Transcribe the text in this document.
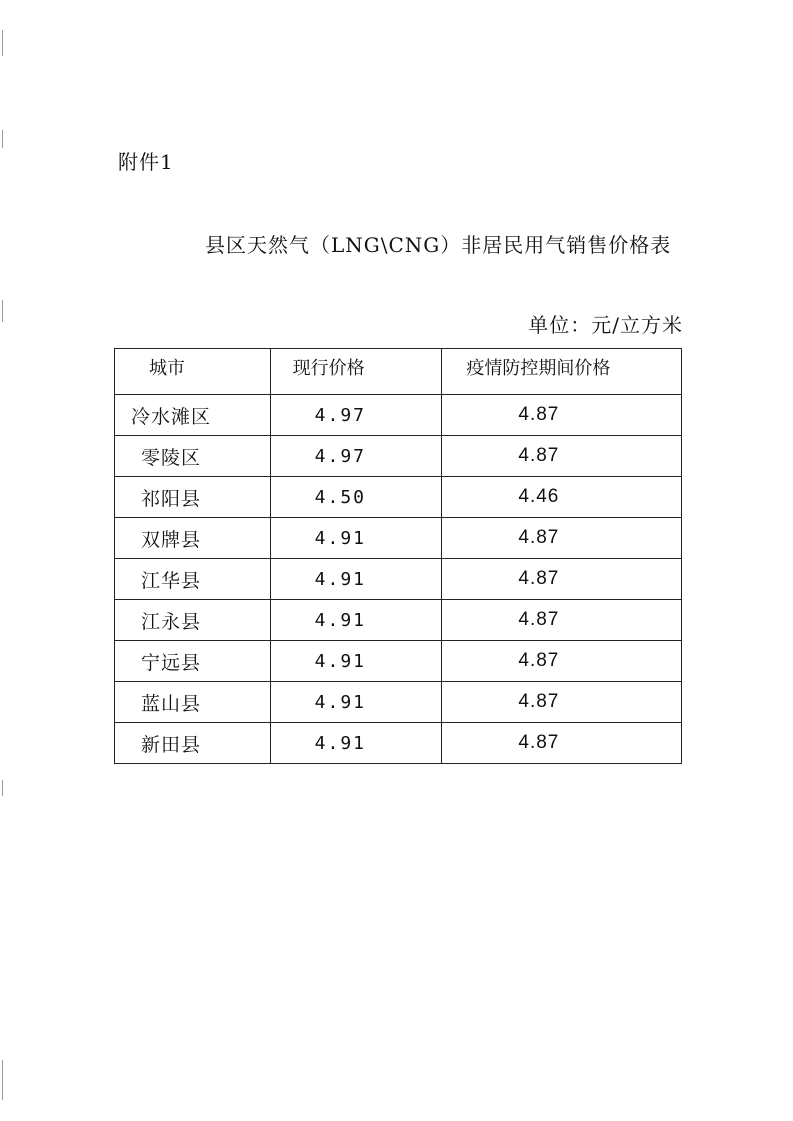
附件1
县区天然气（LNG\CNG）非居民用气销售价格表
单位：元/立方米
城市	现行价格	疫情防控期间价格
冷水滩区	4.97	4.87
零陵区	4.97	4.87
祁阳县	4.50	4.46
双牌县	4.91	4.87
江华县	4.91	4.87
江永县	4.91	4.87
宁远县	4.91	4.87
蓝山县	4.91	4.87
新田县	4.91	4.87
